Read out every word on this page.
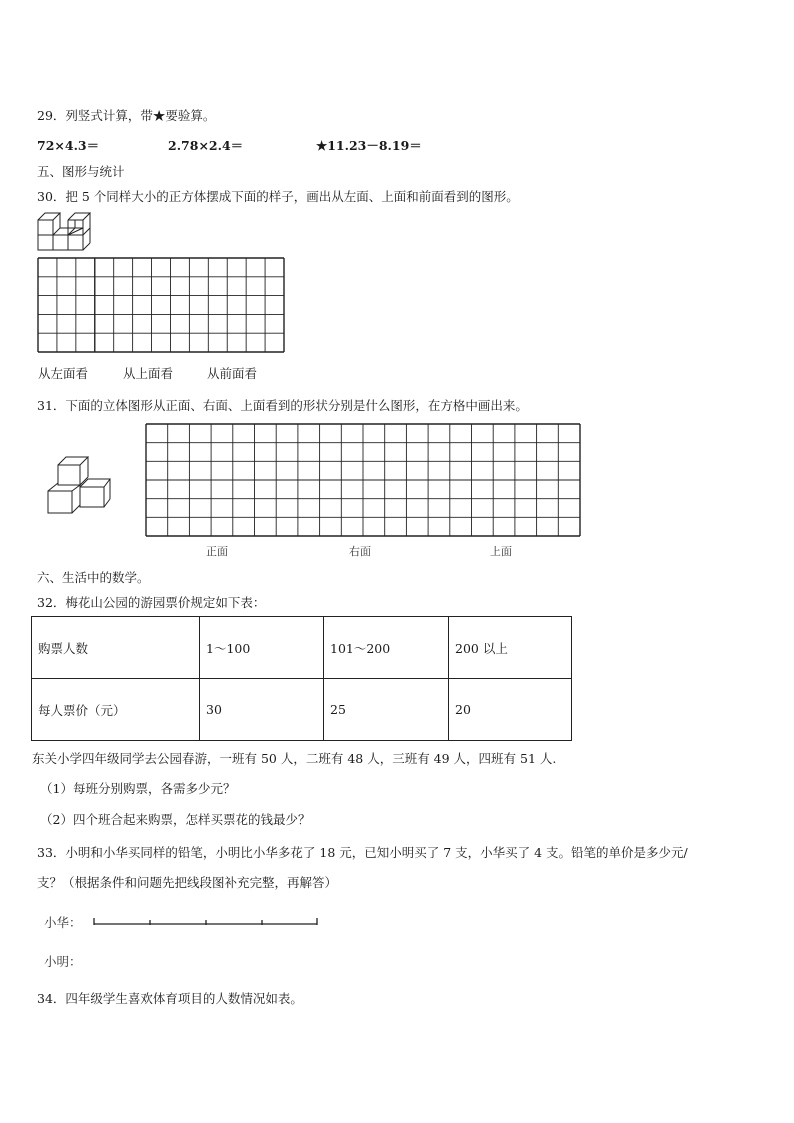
29．列竖式计算，带★要验算。
72×4.3＝	2.78×2.4＝	★11.23－8.19＝
五、图形与统计
30．把 5 个同样大小的正方体摆成下面的样子，画出从左面、上面和前面看到的图形。
从左面看	从上面看	从前面看
31．下面的立体图形从正面、右面、上面看到的形状分别是什么图形，在方格中画出来。
正面	右面	上面
六、生活中的数学。
32．梅花山公园的游园票价规定如下表：
购票人数	1～100	101～200	200 以上
每人票价（元）	30	25	20
东关小学四年级同学去公园春游，一班有 50 人，二班有 48 人，三班有 49 人，四班有 51 人.
（1）每班分别购票，各需多少元？
（2）四个班合起来购票，怎样买票花的钱最少？
33．小明和小华买同样的铅笔，小明比小华多花了 18 元，已知小明买了 7 支，小华买了 4 支。铅笔的单价是多少元/
支？（根据条件和问题先把线段图补充完整，再解答）
小华：
小明：
34．四年级学生喜欢体育项目的人数情况如表。
